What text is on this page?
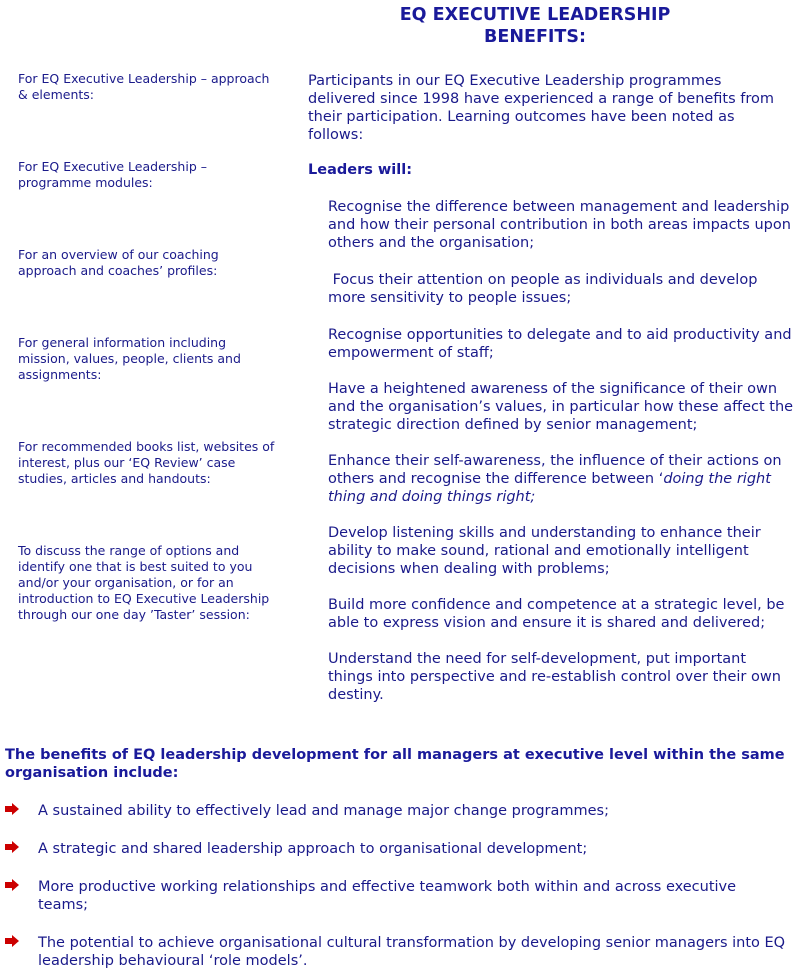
EQ EXECUTIVE LEADERSHIP
BENEFITS:
For EQ Executive Leadership – approach & elements:
For EQ Executive Leadership – programme modules:
For an overview of our coaching approach and coaches’ profiles:
For general information including mission, values, people, clients and assignments:
For recommended books list, websites of interest, plus our ‘EQ Review’ case studies, articles and handouts:
To discuss the range of options and identify one that is best suited to you and/or your organisation, or for an introduction to EQ Executive Leadership through our one day ’Taster’ session:
Participants in our EQ Executive Leadership programmes delivered since 1998 have experienced a range of benefits from their participation. Learning outcomes have been noted as follows:
Leaders will:
Recognise the difference between management and leadership and how their personal contribution in both areas impacts upon others and the organisation;
Focus their attention on people as individuals and develop more sensitivity to people issues;
Recognise opportunities to delegate and to aid productivity and empowerment of staff;
Have a heightened awareness of the significance of their own and the organisation’s values, in particular how these affect the strategic direction defined by senior management;
Enhance their self-awareness, the influence of their actions on others and recognise the difference between ‘doing the right thing and doing things right;
Develop listening skills and understanding to enhance their ability to make sound, rational and emotionally intelligent decisions when dealing with problems;
Build more confidence and competence at a strategic level, be able to express vision and ensure it is shared and delivered;
Understand the need for self-development, put important things into perspective and re-establish control over their own destiny.
The benefits of EQ leadership development for all managers at executive level within the same organisation include:
A sustained ability to effectively lead and manage major change programmes;
A strategic and shared leadership approach to organisational development;
More productive working relationships and effective teamwork both within and across executive teams;
The potential to achieve organisational cultural transformation by developing senior managers into EQ leadership behavioural ‘role models’.
